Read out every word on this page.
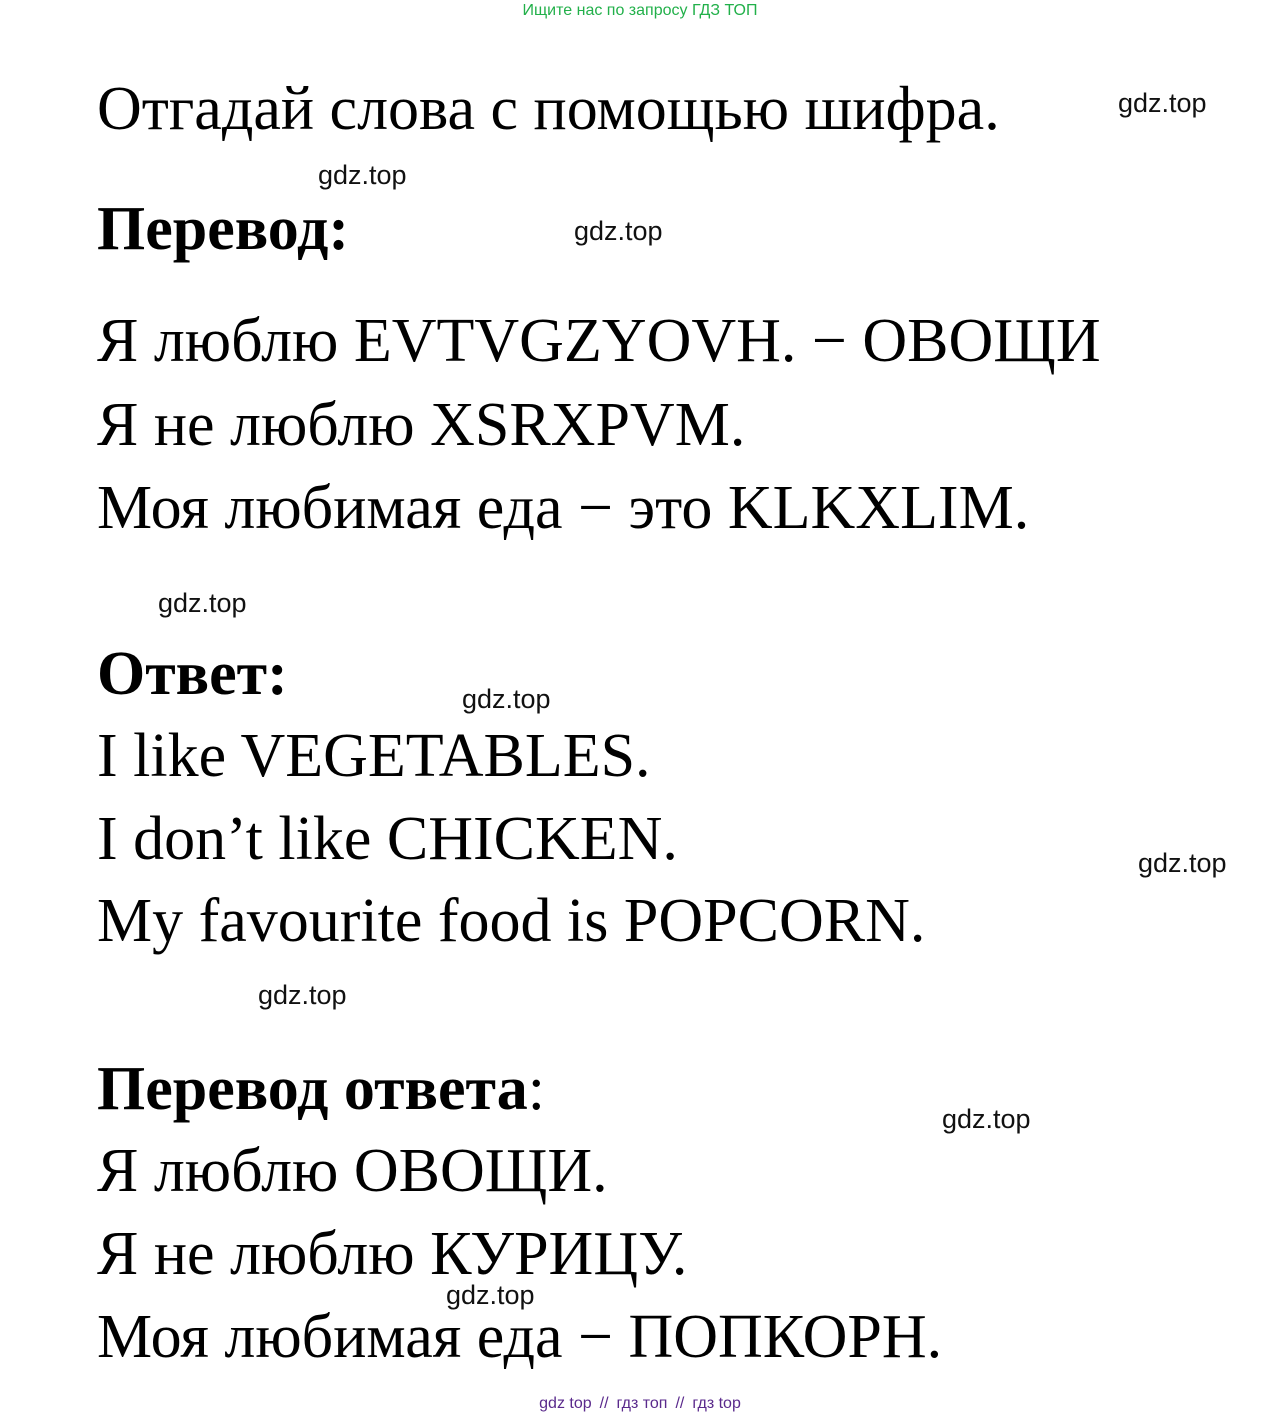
Ищите нас по запросу ГДЗ ТОП
Отгадай слова с помощью шифра.	gdz.top
gdz.top
Перевод:	gdz.top
Я люблю EVTVGZYOVH. − ОВОЩИ
Я не люблю XSRXPVM.
Моя любимая еда − это KLKXLIM.
gdz.top
Ответ:	gdz.top
I like VEGETABLES.
I don’t like CHICKEN.	gdz.top
My favourite food is POPCORN.
gdz.top
Перевод ответа:	gdz.top
Я люблю ОВОЩИ.
Я не люблю КУРИЦУ.
gdz.top
Моя любимая еда − ПОПКОРН.
gdz top // гдз топ // гдз top
